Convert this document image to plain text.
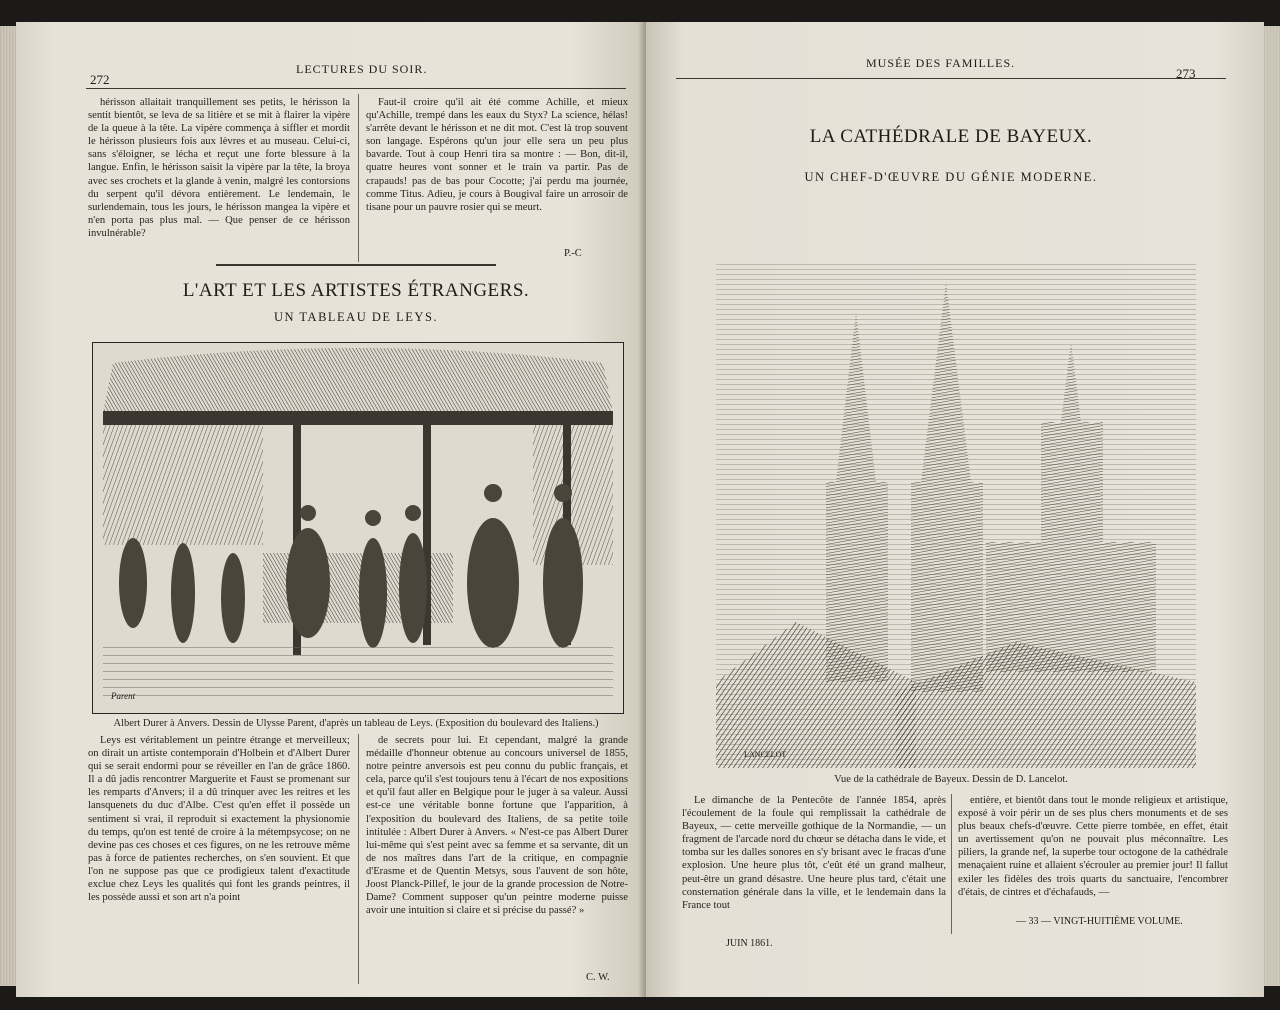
272
LECTURES DU SOIR.

hérisson allaitait tranquillement ses petits, le hérisson la sentit bientôt, se leva de sa litière et se mit à flairer la vipère de la queue à la tête. La vipère commença à siffler et mordit le hérisson plusieurs fois aux lèvres et au museau. Celui-ci, sans s'éloigner, se lécha et reçut une forte blessure à la langue. Enfin, le hérisson saisit la vipère par la tête, la broya avec ses crochets et la glande à venin, malgré les contorsions du serpent qu'il dévora entièrement. Le lendemain, le surlendemain, tous les jours, le hérisson mangea la vipère et n'en porta pas plus mal. — Que penser de ce hérisson invulnérable?

Faut-il croire qu'il ait été comme Achille, et mieux qu'Achille, trempé dans les eaux du Styx? La science, hélas! s'arrête devant le hérisson et ne dit mot. C'est là trop souvent son langage. Espérons qu'un jour elle sera un peu plus bavarde. Tout à coup Henri tira sa montre : — Bon, dit-il, quatre heures vont sonner et le train va partir. Pas de crapauds! pas de bas pour Cocotte; j'ai perdu ma journée, comme Titus. Adieu, je cours à Bougival faire un arrosoir de tisane pour un pauvre rosier qui se meurt.

P.-C
L'ART ET LES ARTISTES ÉTRANGERS.
UN TABLEAU DE LEYS.
Parent
Albert Durer à Anvers. Dessin de Ulysse Parent, d'après un tableau de Leys. (Exposition du boulevard des Italiens.)

Leys est véritablement un peintre étrange et merveilleux; on dirait un artiste contemporain d'Holbein et d'Albert Durer qui se serait endormi pour se réveiller en l'an de grâce 1860. Il a dû jadis rencontrer Marguerite et Faust se promenant sur les remparts d'Anvers; il a dû trinquer avec les reitres et les lansquenets du duc d'Albe. C'est qu'en effet il possède un sentiment si vrai, il reproduit si exactement la physionomie du temps, qu'on est tenté de croire à la métempsycose; on ne devine pas ces choses et ces figures, on ne les retrouve même pas à force de patientes recherches, on s'en souvient. Et que l'on ne suppose pas que ce prodigieux talent d'exactitude exclue chez Leys les qualités qui font les grands peintres, il les possède aussi et son art n'a point

de secrets pour lui. Et cependant, malgré la grande médaille d'honneur obtenue au concours universel de 1855, notre peintre anversois est peu connu du public français, et cela, parce qu'il s'est toujours tenu à l'écart de nos expositions et qu'il faut aller en Belgique pour le juger à sa valeur. Aussi est-ce une véritable bonne fortune que l'apparition, à l'exposition du boulevard des Italiens, de sa petite toile intitulée : Albert Durer à Anvers. « N'est-ce pas Albert Durer lui-même qui s'est peint avec sa femme et sa servante, dit un de nos maîtres dans l'art de la critique, en compagnie d'Erasme et de Quentin Metsys, sous l'auvent de son hôte, Joost Planck-Pillef, le jour de la grande procession de Notre-Dame? Comment supposer qu'un peintre moderne puisse avoir une intuition si claire et si précise du passé? »

C. W.
MUSÉE DES FAMILLES.
273
LA CATHÉDRALE DE BAYEUX.
UN CHEF-D'ŒUVRE DU GÉNIE MODERNE.
LANCELOT
Vue de la cathédrale de Bayeux. Dessin de D. Lancelot.

Le dimanche de la Pentecôte de l'année 1854, après l'écoulement de la foule qui remplissait la cathédrale de Bayeux, — cette merveille gothique de la Normandie, — un fragment de l'arcade nord du chœur se détacha dans le vide, et tomba sur les dalles sonores en s'y brisant avec le fracas d'une explosion. Une heure plus tôt, c'eût été un grand malheur, peut-être un grand désastre. Une heure plus tard, c'était une consternation générale dans la ville, et le lendemain dans la France tout

entière, et bientôt dans tout le monde religieux et artistique, exposé à voir périr un de ses plus chers monuments et de ses plus beaux chefs-d'œuvre. Cette pierre tombée, en effet, était un avertissement qu'on ne pouvait plus méconnaître. Les piliers, la grande nef, la superbe tour octogone de la cathédrale menaçaient ruine et allaient s'écrouler au premier jour! Il fallut exiler les fidèles des trois quarts du sanctuaire, l'encombrer d'étais, de cintres et d'échafauds, —

JUIN 1861.
— 33 — VINGT-HUITIÈME VOLUME.
